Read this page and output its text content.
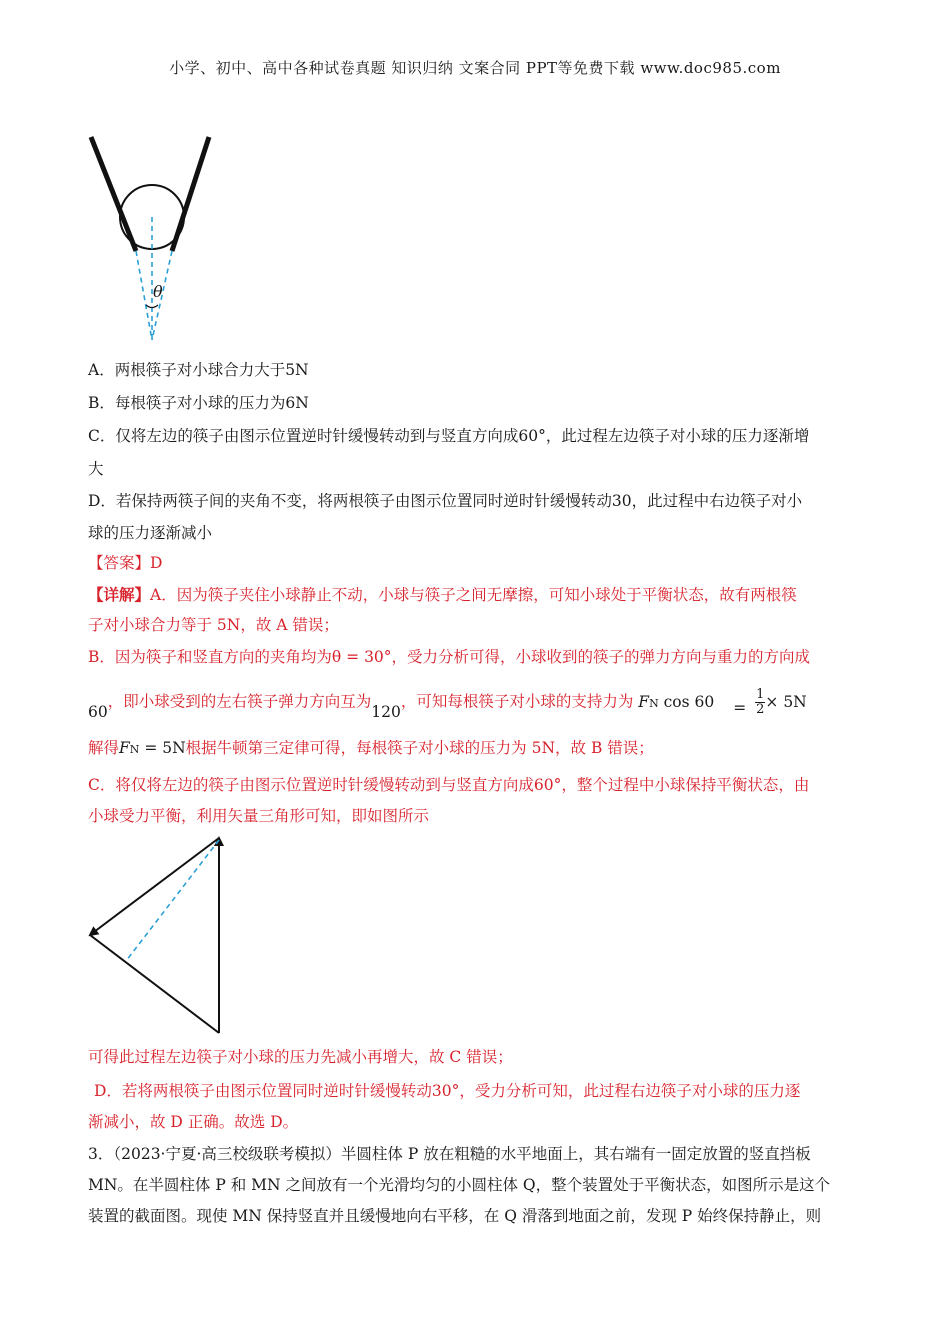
小学、初中、高中各种试卷真题 知识归纳 文案合同 PPT等免费下载 www.doc985.com
θ
A．两根筷子对小球合力大于5N
B．每根筷子对小球的压力为6N
C．仅将左边的筷子由图示位置逆时针缓慢转动到与竖直方向成60°，此过程左边筷子对小球的压力逐渐增
大
D．若保持两筷子间的夹角不变，将两根筷子由图示位置同时逆时针缓慢转动30，此过程中右边筷子对小
球的压力逐渐减小
【答案】D
【详解】A．因为筷子夹住小球静止不动，小球与筷子之间无摩擦，可知小球处于平衡状态，故有两根筷
子对小球合力等于 5N，故 A 错误；
B．因为筷子和竖直方向的夹角均为θ = 30°，受力分析可得，小球收到的筷子的弹力方向与重力的方向成
60，即小球受到的左右筷子弹力方向互为120，可知每根筷子对小球的支持力为 FN $\cos 60 = \frac{1}{2} \times 5N$
解得FN = 5N根据牛顿第三定律可得，每根筷子对小球的压力为 5N，故 B 错误；
C．将仅将左边的筷子由图示位置逆时针缓慢转动到与竖直方向成60°，整个过程中小球保持平衡状态，由
小球受力平衡，利用矢量三角形可知，即如图所示
可得此过程左边筷子对小球的压力先减小再增大，故 C 错误；
D．若将两根筷子由图示位置同时逆时针缓慢转动30°，受力分析可知，此过程右边筷子对小球的压力逐
渐减小，故 D 正确。故选 D。
3．（2023·宁夏·高三校级联考模拟）半圆柱体 P 放在粗糙的水平地面上，其右端有一固定放置的竖直挡板
MN。在半圆柱体 P 和 MN 之间放有一个光滑均匀的小圆柱体 Q，整个装置处于平衡状态，如图所示是这个
装置的截面图。现使 MN 保持竖直并且缓慢地向右平移，在 Q 滑落到地面之前，发现 P 始终保持静止，则
